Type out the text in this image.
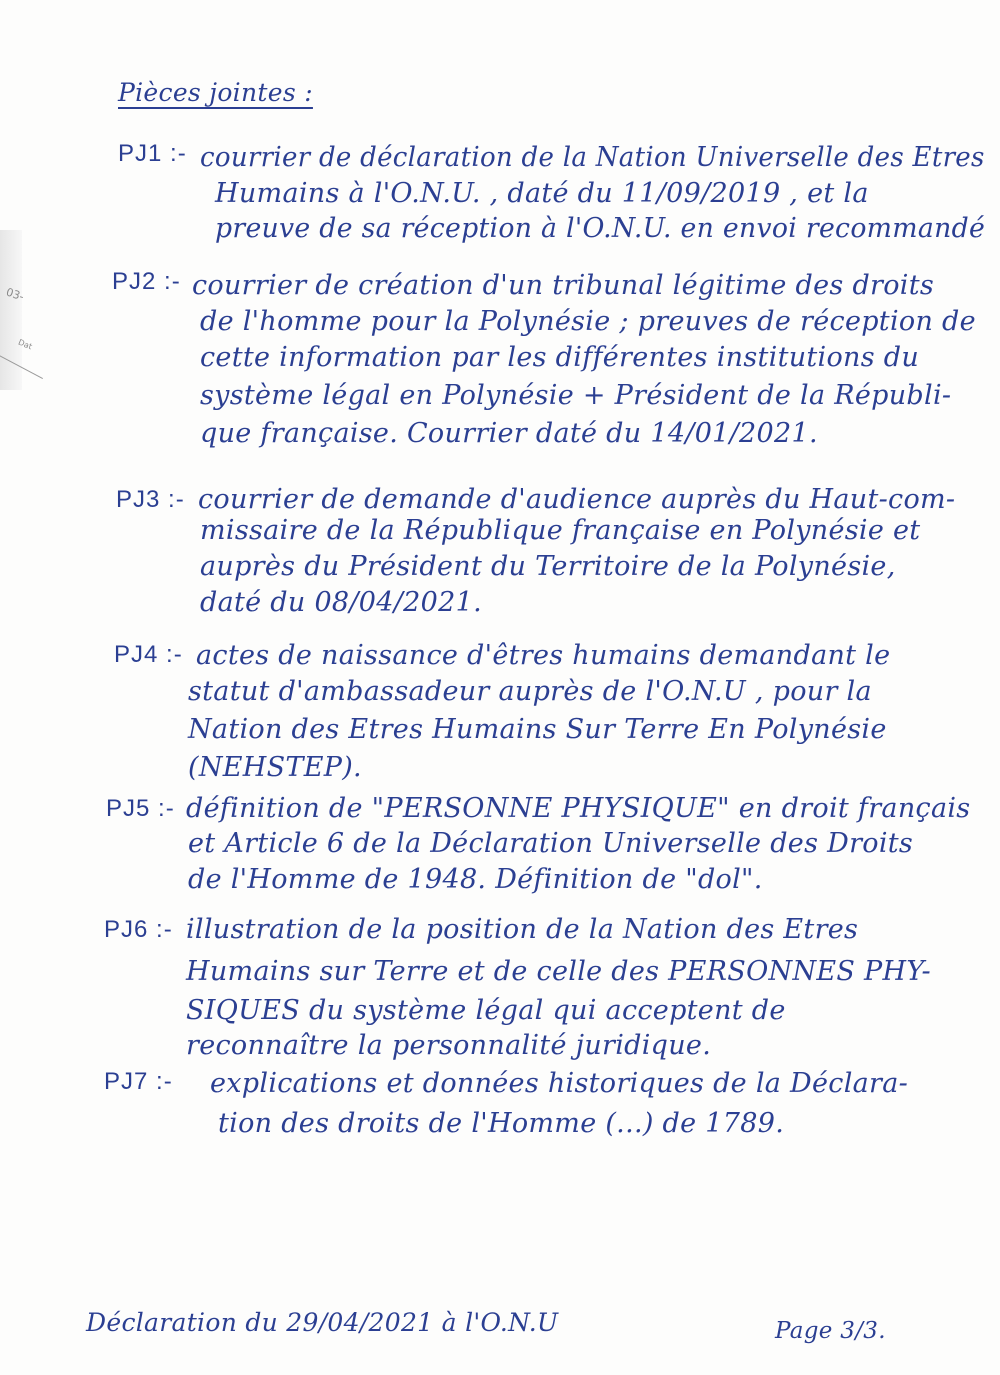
03-
Dat
Pièces jointes :
PJ1 :- courrier de déclaration de la Nation Universelle des Etres
Humains à l'O.N.U. , daté du 11/09/2019 , et la
preuve de sa réception à l'O.N.U. en envoi recommandé
PJ2 :- courrier de création d'un tribunal légitime des droits
de l'homme pour la Polynésie ; preuves de réception de
cette information par les différentes institutions du
système légal en Polynésie + Président de la Républi-
que française. Courrier daté du 14/01/2021.
PJ3 :- courrier de demande d'audience auprès du Haut-com-
missaire de la République française en Polynésie et
auprès du Président du Territoire de la Polynésie,
daté du 08/04/2021.
PJ4 :- actes de naissance d'êtres humains demandant le
statut d'ambassadeur auprès de l'O.N.U , pour la
Nation des Etres Humains Sur Terre En Polynésie
(NEHSTEP).
PJ5 :- définition de "PERSONNE PHYSIQUE" en droit français
et Article 6 de la Déclaration Universelle des Droits
de l'Homme de 1948. Définition de "dol".
PJ6 :- illustration de la position de la Nation des Etres
Humains sur Terre et de celle des PERSONNES PHY-
SIQUES du système légal qui acceptent de
reconnaître la personnalité juridique.
PJ7 :- explications et données historiques de la Déclara-
tion des droits de l'Homme (...) de 1789.
Déclaration du 29/04/2021 à l'O.N.U	Page 3/3.
